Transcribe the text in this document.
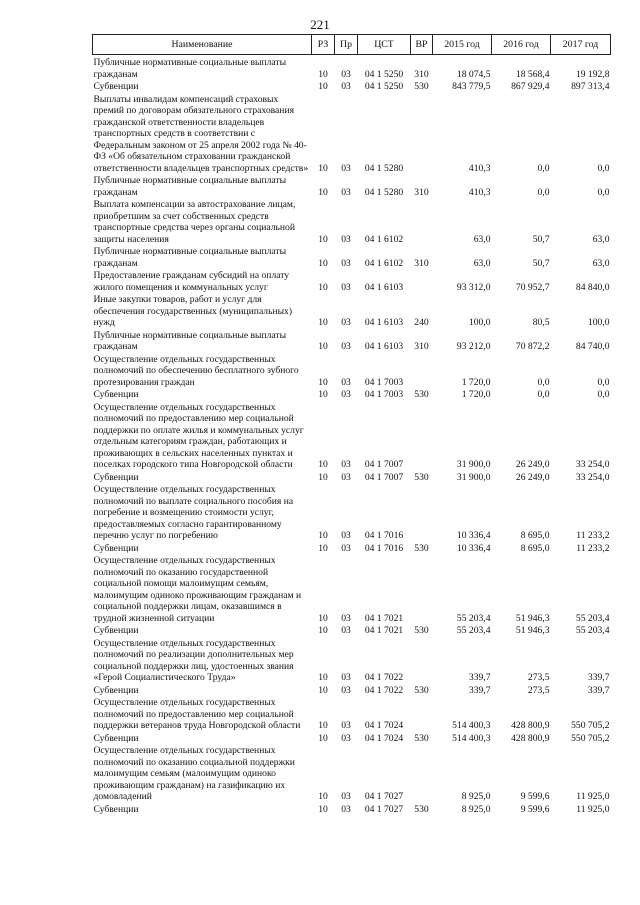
221
Наименование	РЗ	Пр	ЦСТ	ВР	2015 год	2016 год	2017 год
Публичные нормативные социальные выплаты гражданам	10	03	04 1 5250	310	18 074,5	18 568,4	19 192,8
Субвенции	10	03	04 1 5250	530	843 779,5	867 929,4	897 313,4
Выплаты инвалидам компенсаций страховых премий по договорам обязательного страхования гражданской ответственности владельцев транспортных средств в соответствии с Федеральным законом от 25 апреля 2002 года № 40-ФЗ «Об обязательном страховании гражданской ответственности владельцев транспортных средств»	10	03	04 1 5280		410,3	0,0	0,0
Публичные нормативные социальные выплаты гражданам	10	03	04 1 5280	310	410,3	0,0	0,0
Выплата компенсации за автострахование лицам, приобретшим за счет собственных средств транспортные средства через органы социальной защиты населения	10	03	04 1 6102		63,0	50,7	63,0
Публичные нормативные социальные выплаты гражданам	10	03	04 1 6102	310	63,0	50,7	63,0
Предоставление гражданам субсидий на оплату жилого помещения и коммунальных услуг	10	03	04 1 6103		93 312,0	70 952,7	84 840,0
Иные закупки товаров, работ и услуг для обеспечения государственных (муниципальных) нужд	10	03	04 1 6103	240	100,0	80,5	100,0
Публичные нормативные социальные выплаты гражданам	10	03	04 1 6103	310	93 212,0	70 872,2	84 740,0
Осуществление отдельных государственных полномочий по обеспечению бесплатного зубного протезирования граждан	10	03	04 1 7003		1 720,0	0,0	0,0
Субвенции	10	03	04 1 7003	530	1 720,0	0,0	0,0
Осуществление отдельных государственных полномочий по предоставлению мер социальной поддержки по оплате жилья и коммунальных услуг отдельным категориям граждан, работающих и проживающих в сельских населенных пунктах и поселках городского типа Новгородской области	10	03	04 1 7007		31 900,0	26 249,0	33 254,0
Субвенции	10	03	04 1 7007	530	31 900,0	26 249,0	33 254,0
Осуществление отдельных государственных полномочий по выплате социального пособия на погребение и возмещению стоимости услуг, предоставляемых согласно гарантированному перечню услуг по погребению	10	03	04 1 7016		10 336,4	8 695,0	11 233,2
Субвенции	10	03	04 1 7016	530	10 336,4	8 695,0	11 233,2
Осуществление отдельных государственных полномочий по оказанию государственной социальной помощи малоимущим семьям, малоимущим одиноко проживающим гражданам и социальной поддержки лицам, оказавшимся в трудной жизненной ситуации	10	03	04 1 7021		55 203,4	51 946,3	55 203,4
Субвенции	10	03	04 1 7021	530	55 203,4	51 946,3	55 203,4
Осуществление отдельных государственных полномочий по реализации дополнительных мер социальной поддержки лиц, удостоенных звания «Герой Социалистического Труда»	10	03	04 1 7022		339,7	273,5	339,7
Субвенции	10	03	04 1 7022	530	339,7	273,5	339,7
Осуществление отдельных государственных полномочий по предоставлению мер социальной поддержки ветеранов труда Новгородской области	10	03	04 1 7024		514 400,3	428 800,9	550 705,2
Субвенции	10	03	04 1 7024	530	514 400,3	428 800,9	550 705,2
Осуществление отдельных государственных полномочий по оказанию социальной поддержки малоимущим семьям (малоимущим одиноко проживающим гражданам) на газификацию их домовладений	10	03	04 1 7027		8 925,0	9 599,6	11 925,0
Субвенции	10	03	04 1 7027	530	8 925,0	9 599,6	11 925,0
